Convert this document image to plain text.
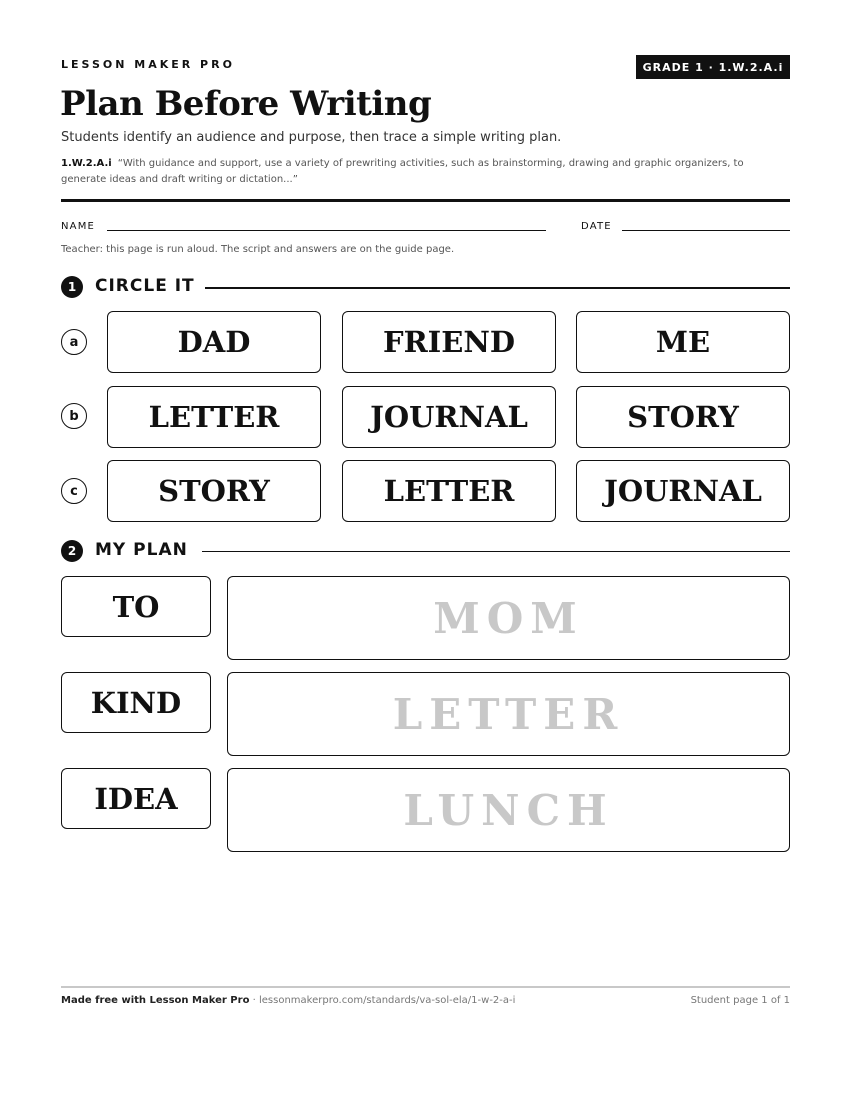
LESSON MAKER PRO	GRADE 1 · 1.W.2.A.i
Plan Before Writing
Students identify an audience and purpose, then trace a simple writing plan.
1.W.2.A.i “With guidance and support, use a variety of prewriting activities, such as brainstorming, drawing and graphic organizers, to generate ideas and draft writing or dictation...”
NAME	DATE
Teacher: this page is run aloud. The script and answers are on the guide page.
1	CIRCLE IT
a	DAD	FRIEND	ME
b	LETTER	JOURNAL	STORY
c	STORY	LETTER	JOURNAL
2	MY PLAN
TO	MOM
KIND	LETTER
IDEA	LUNCH
Made free with Lesson Maker Pro · lessonmakerpro.com/standards/va-sol-ela/1-w-2-a-i	Student page 1 of 1
